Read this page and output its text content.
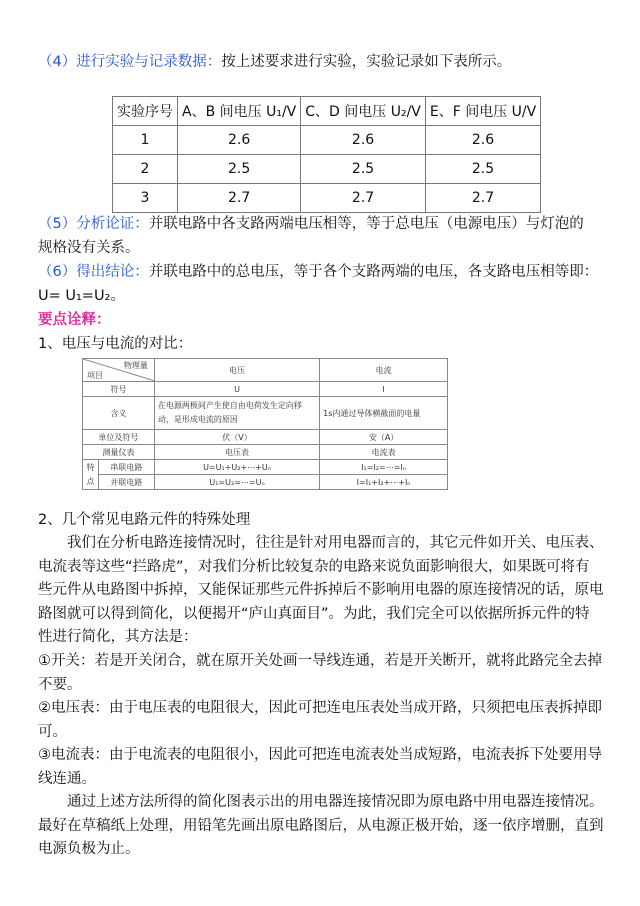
（4）进行实验与记录数据：按上述要求进行实验，实验记录如下表所示。
实验序号	A、B 间电压 U₁/V	C、D 间电压 U₂/V	E、F 间电压 U/V
1	2.6	2.6	2.6
2	2.5	2.5	2.5
3	2.7	2.7	2.7
（5）分析论证：并联电路中各支路两端电压相等，等于总电压（电源电压）与灯泡的
规格没有关系。
（6）得出结论：并联电路中的总电压，等于各个支路两端的电压，各支路电压相等即：
U= U₁=U₂。
要点诠释：
1、电压与电流的对比：
物理量
项目		电压	电流
符号		U	I
含义		在电源两极间产生使自由电荷发生定向移动，是形成电流的原因	1s内通过导体横截面的电量
单位及符号		伏（V）	安（A）
测量仪表		电压表	电流表
特	串联电路	U=U₁+U₂+⋯+Uₙ	I₁=I₂=⋯=Iₙ
点	并联电路	U₁=U₂=⋯=Uₙ	I=I₁+I₂+⋯+Iₙ
2、几个常见电路元件的特殊处理
我们在分析电路连接情况时，往往是针对用电器而言的，其它元件如开关、电压表、电流表等这些“拦路虎”，对我们分析比较复杂的电路来说负面影响很大，如果既可将有些元件从电路图中拆掉，又能保证那些元件拆掉后不影响用电器的原连接情况的话，原电路图就可以得到简化，以便揭开“庐山真面目”。为此，我们完全可以依据所拆元件的特性进行简化，其方法是：
①开关：若是开关闭合，就在原开关处画一导线连通，若是开关断开，就将此路完全去掉不要。
②电压表：由于电压表的电阻很大，因此可把连电压表处当成开路，只须把电压表拆掉即可。
③电流表：由于电流表的电阻很小，因此可把连电流表处当成短路，电流表拆下处要用导线连通。
通过上述方法所得的简化图表示出的用电器连接情况即为原电路中用电器连接情况。最好在草稿纸上处理，用铅笔先画出原电路图后，从电源正极开始，逐一依序增删，直到电源负极为止。
